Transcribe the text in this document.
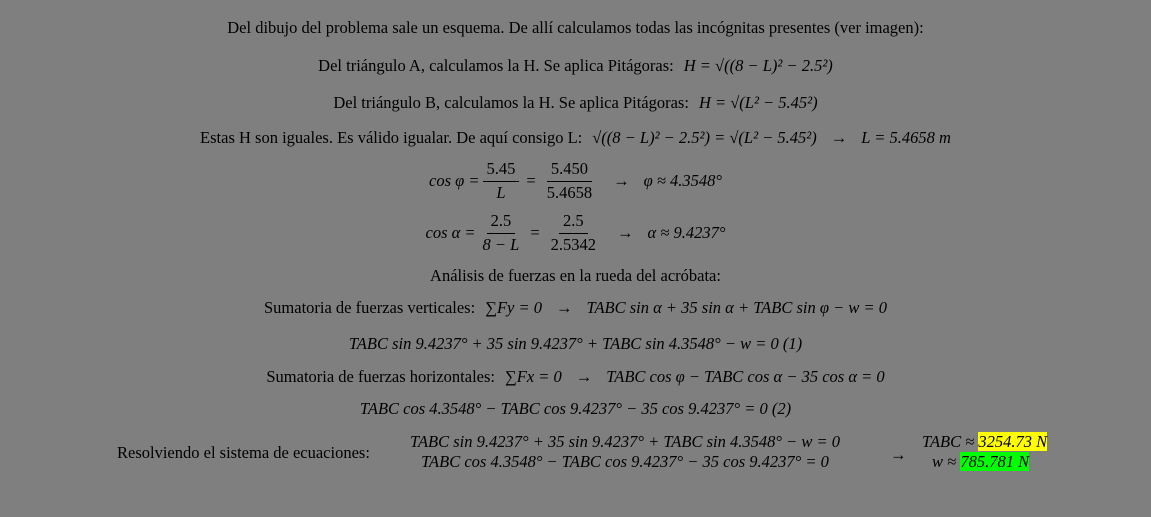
Del dibujo del problema sale un esquema. De allí calculamos todas las incógnitas presentes (ver imagen):
Del triángulo A, calculamos la H. Se aplica Pitágoras: H = √((8 − L)² − 2.5²)
Del triángulo B, calculamos la H. Se aplica Pitágoras: H = √(L² − 5.45²)
Estas H son iguales. Es válido igualar. De aquí consigo L: √((8 − L)² − 2.5²) = √(L² − 5.45²) → L = 5.4658 m
$\cos \varphi = \frac{5.45}{L} = \frac{5.450}{5.4658} \to \varphi \approx 4.3548^\circ$
$\cos \alpha = \frac{2.5}{8 - L} = \frac{2.5}{2.5342} \to \alpha \approx 9.4237^\circ$
Análisis de fuerzas en la rueda del acróbata:
Sumatoria de fuerzas verticales: ∑Fy = 0 → TABC sin α + 35 sin α + TABC sin φ − w = 0
TABC sin 9.4237° + 35 sin 9.4237° + TABC sin 4.3548° − w = 0 (1)
Sumatoria de fuerzas horizontales: ∑Fx = 0 → TABC cos φ − TABC cos α − 35 cos α = 0
TABC cos 4.3548° − TABC cos 9.4237° − 35 cos 9.4237° = 0 (2)
Resolviendo el sistema de ecuaciones:
TABC sin 9.4237° + 35 sin 9.4237° + TABC sin 4.3548° − w = 0
TABC cos 4.3548° − TABC cos 9.4237° − 35 cos 9.4237° = 0	→
TABC ≈ 3254.73 N
w ≈ 785.781 N
